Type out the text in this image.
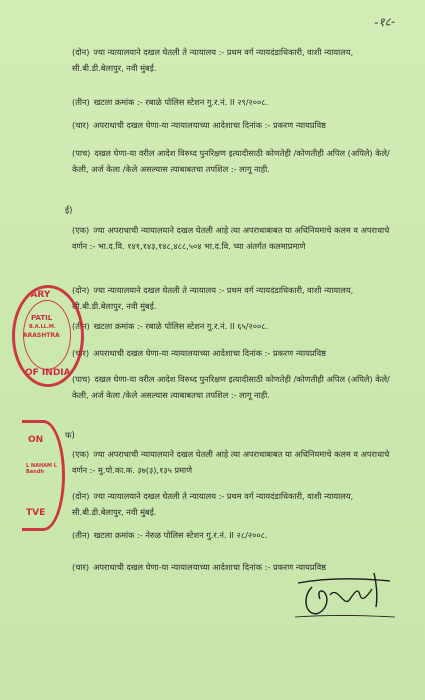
-१८-
(दोन) ज्या न्यायालयाने दखल घेतली ते न्यायालय :- प्रथम वर्ग न्यायदंडाधिकारी, वाशी न्यायालय, सी.बी.डी.बेलापुर, नवी मुंबई.
(तीन) खटला क्रमांक :- रबाळे पोलिस स्टेशन गु.र.नं. II २९/२००८.
(चार) अपराधाची दखल घेणा-या न्यायालयाच्या आदेशाचा दिनांक :- प्रकरण न्यायप्रविष्ठ
(पाच) दखल घेणा-या वरील आदेश विरुध्द पुनरिक्षण इत्यादीसाठी कोणतेही /कोणतीही अपिल (अपिले) केले/केली, अर्ज केला /केले असल्यास त्याबाबतचा तपशिल :- लागू नाही.
ई)
(एक) ज्या अपराधाची न्यायालयाने दखल घेतली आहे त्या अपराधाबाबत या अधिनियमाचे कलम व अपराधाचे वर्णन :- भा.द.वि. १४१,१४३,१४८,४८८,५०४ भा.द.वि. च्या अंतर्गत कलमाप्रमाणे
(दोन) ज्या न्यायालयाने दखल घेतली ते न्यायालय :- प्रथम वर्ग न्यायदंडाधिकारी, वाशी न्यायालय, सी.बी.डी.बेलापुर, नवी मुंबई.
(तीन) खटला क्रमांक :- रबाळे पोलिस स्टेशन गु.र.नं. II ६५/२००८.
(चार) अपराधाची दखल घेणा-या न्यायालयाच्या आदेशाचा दिनांक :- प्रकरण न्यायप्रविष्ठ
(पाच) दखल घेणा-या वरील आदेश विरुध्द पुनरिक्षण इत्यादीसाठी कोणतेही /कोणतीही अपिल (अपिले) केले/केली, अर्ज केला /केले असल्यास त्याबाबतचा तपशिल :- लागू नाही.
फ)
(एक) ज्या अपराधाची न्यायालयाने दखल घेतली आहे त्या अपराधाबाबत या अधिनियमाचे कलम व अपराधाचे वर्णन :- मु.पो.का.क. ३७(३),१३५ प्रमाणे
(दोन) ज्या न्यायालयाने दखल घेतली ते न्यायालय :- प्रथम वर्ग न्यायदंडाधिकारी, वाशी न्यायालय, सी.बी.डी.बेलापुर, नवी मुंबई.
(तीन) खटला क्रमांक :- नेरुळ पोलिस स्टेशन गु.र.नं. II २८/२००८.
(चार) अपराधाची दखल घेणा-या न्यायालयाच्या आदेशाचा दिनांक :- प्रकरण न्यायप्रविष्ठ
TARY
PATIL
B.A.LL.M.
ARASHTRA
OF INDIA
ON
L NAHAM L Bandh
TVE
